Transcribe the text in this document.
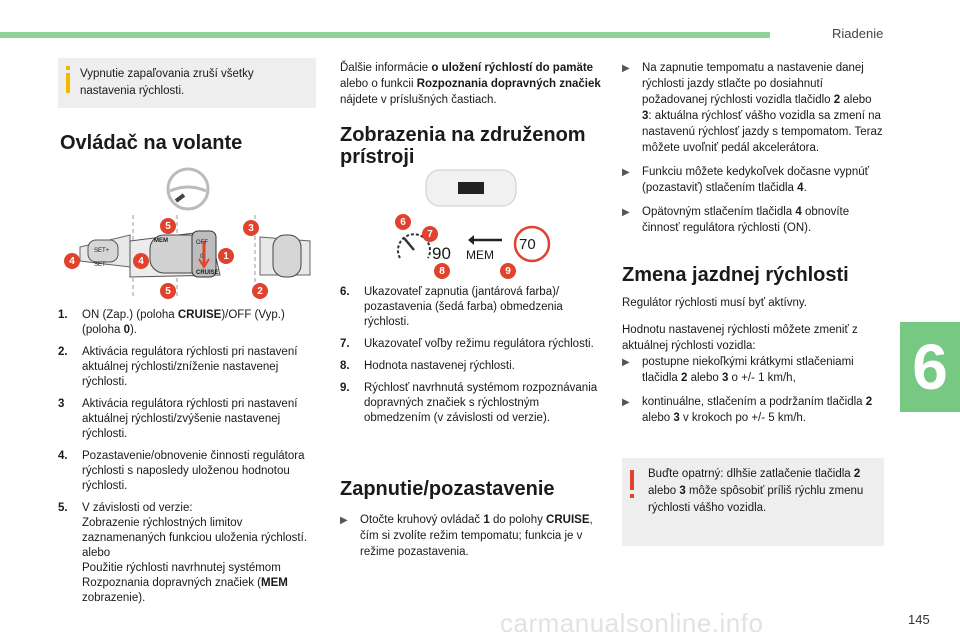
Riadenie
6
carmanualsonline.info	145
Vypnutie zapaľovania zruší všetky nastavenia rýchlosti.
Ovládač na volante
MEM	OFF
SET+
SET-
0
CRUISE
1
2
3
4	4
5
5
1.	ON (Zap.) (poloha CRUISE)/OFF (Vyp.) (poloha 0).
2.	Aktivácia regulátora rýchlosti pri nastavení aktuálnej rýchlosti/zníženie nastavenej rýchlosti.
3	Aktivácia regulátora rýchlosti pri nastavení aktuálnej rýchlosti/zvýšenie nastavenej rýchlosti.
4.	Pozastavenie/obnovenie činnosti regulátora rýchlosti s naposledy uloženou hodnotou rýchlosti.
5.	V závislosti od verzie:
Zobrazenie rýchlostných limitov zaznamenaných funkciou uloženia rýchlostí.
alebo
Použitie rýchlosti navrhnutej systémom Rozpoznania dopravných značiek (MEM zobrazenie).
Ďalšie informácie o uložení rýchlostí do pamäte alebo o funkcii Rozpoznania dopravných značiek nájdete v príslušných častiach.
Zobrazenia na združenom prístroji
90 MEM
70
6
7
8	9
6.	Ukazovateľ zapnutia (jantárová farba)/ pozastavenia (šedá farba) obmedzenia rýchlosti.
7.	Ukazovateľ voľby režimu regulátora rýchlosti.
8.	Hodnota nastavenej rýchlosti.
9.	Rýchlosť navrhnutá systémom rozpoznávania dopravných značiek s rýchlostným obmedzením (v závislosti od verzie).
Zapnutie/pozastavenie
▶	Otočte kruhový ovládač 1 do polohy CRUISE, čím si zvolíte režim tempomatu; funkcia je v režime pozastavenia.
▶	Na zapnutie tempomatu a nastavenie danej rýchlosti jazdy stlačte po dosiahnutí požadovanej rýchlosti vozidla tlačidlo 2 alebo 3: aktuálna rýchlosť vášho vozidla sa zmení na nastavenú rýchlosť jazdy s tempomatom. Teraz môžete uvoľniť pedál akcelerátora.
▶	Funkciu môžete kedykoľvek dočasne vypnúť (pozastaviť) stlačením tlačidla 4.
▶	Opätovným stlačením tlačidla 4 obnovíte činnosť regulátora rýchlosti (ON).
Zmena jazdnej rýchlosti
Regulátor rýchlosti musí byť aktívny.
Hodnotu nastavenej rýchlosti môžete zmeniť z aktuálnej rýchlosti vozidla:
▶	postupne niekoľkými krátkymi stlačeniami tlačidla 2 alebo 3 o +/- 1 km/h,
▶	kontinuálne, stlačením a podržaním tlačidla 2 alebo 3 v krokoch po +/- 5 km/h.
Buďte opatrný: dlhšie zatlačenie tlačidla 2 alebo 3 môže spôsobiť príliš rýchlu zmenu rýchlosti vášho vozidla.
